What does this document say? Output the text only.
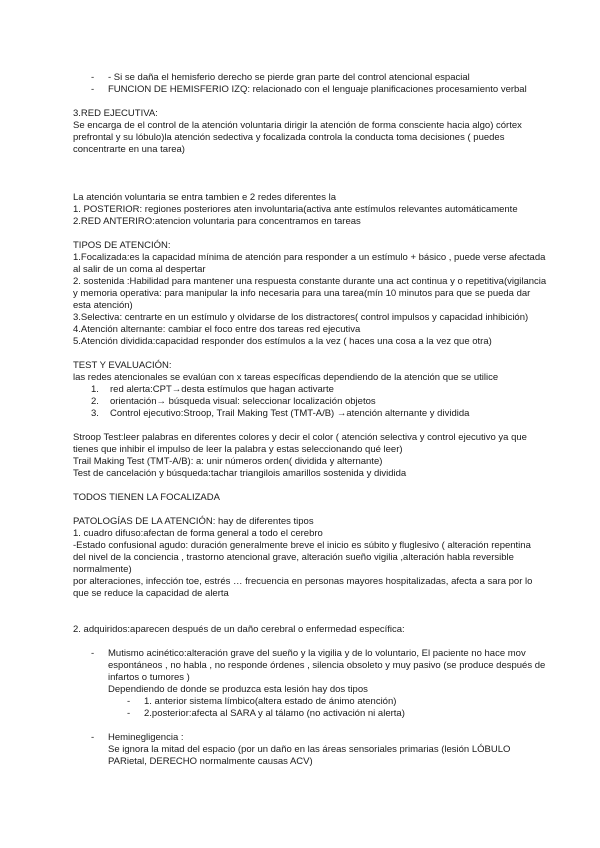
- - Si se daña el hemisferio derecho se pierde gran parte del control atencional espacial
- FUNCION DE HEMISFERIO IZQ: relacionado con el lenguaje planificaciones procesamiento verbal
3.RED EJECUTIVA:
Se encarga de el control de la atención voluntaria dirigir la atención de forma consciente hacia algo) córtex
prefrontal y su lóbulo)la atención sedectiva y focalizada controla la conducta toma decisiones ( puedes
concentrarte en una tarea)
La atención voluntaria se entra tambien e 2 redes diferentes la
1. POSTERIOR: regiones posteriores aten involuntaria(activa ante estímulos relevantes automáticamente
2.RED ANTERIRO:atencion voluntaria para concentramos en tareas
TIPOS DE ATENCIÓN:
1.Focalizada:es la capacidad mínima de atención para responder a un estímulo + básico , puede verse afectada
al salir de un coma al despertar
2. sostenida :Habilidad para mantener una respuesta constante durante una act continua y o repetitiva(vigilancia
y memoria operativa: para manipular la info necesaria para una tarea(mín 10 minutos para que se pueda dar
esta atención)
3.Selectiva: centrarte en un estímulo y olvidarse de los distractores( control impulsos y capacidad inhibición)
4.Atención alternante: cambiar el foco entre dos tareas red ejecutiva
5.Atención dividida:capacidad responder dos estímulos a la vez ( haces una cosa a la vez que otra)
TEST Y EVALUACIÓN:
las redes atencionales se evalúan con x tareas específicas dependiendo de la atención que se utilice
1. red alerta:CPT→desta estímulos que hagan activarte
2. orientación→ búsqueda visual: seleccionar localización objetos
3. Control ejecutivo:Stroop, Trail Making Test (TMT-A/B) →atención alternante y dividida
Stroop Test:leer palabras en diferentes colores y decir el color ( atención selectiva y control ejecutivo ya que
tienes que inhibir el impulso de leer la palabra y estas seleccionando qué leer)
Trail Making Test (TMT-A/B): a: unir números orden( dividida y alternante)
Test de cancelación y búsqueda:tachar triangilois amarillos sostenida y dividida
TODOS TIENEN LA FOCALIZADA
PATOLOGÍAS DE LA ATENCIÓN: hay de diferentes tipos
1. cuadro difuso:afectan de forma general a todo el cerebro
-Estado confusional agudo: duración generalmente breve el inicio es súbito y fluglesivo ( alteración repentina
del nivel de la conciencia , trastorno atencional grave, alteración sueño vigilia ,alteración habla reversible
normalmente)
por alteraciones, infección toe, estrés … frecuencia en personas mayores hospitalizadas, afecta a sara por lo
que se reduce la capacidad de alerta
2. adquiridos:aparecen después de un daño cerebral o enfermedad específica:
- Mutismo acinético:alteración grave del sueño y la vigilia y de lo voluntario, El paciente no hace mov
espontáneos , no habla , no responde órdenes , silencia obsoleto y muy pasivo (se produce después de
infartos o tumores )
Dependiendo de donde se produzca esta lesión hay dos tipos
- 1. anterior sistema límbico(altera estado de ánimo atención)
- 2.posterior:afecta al SARA y al tálamo (no activación ni alerta)
- Heminegligencia :
Se ignora la mitad del espacio (por un daño en las áreas sensoriales primarias (lesión LÓBULO
PARietal, DERECHO normalmente causas ACV)
